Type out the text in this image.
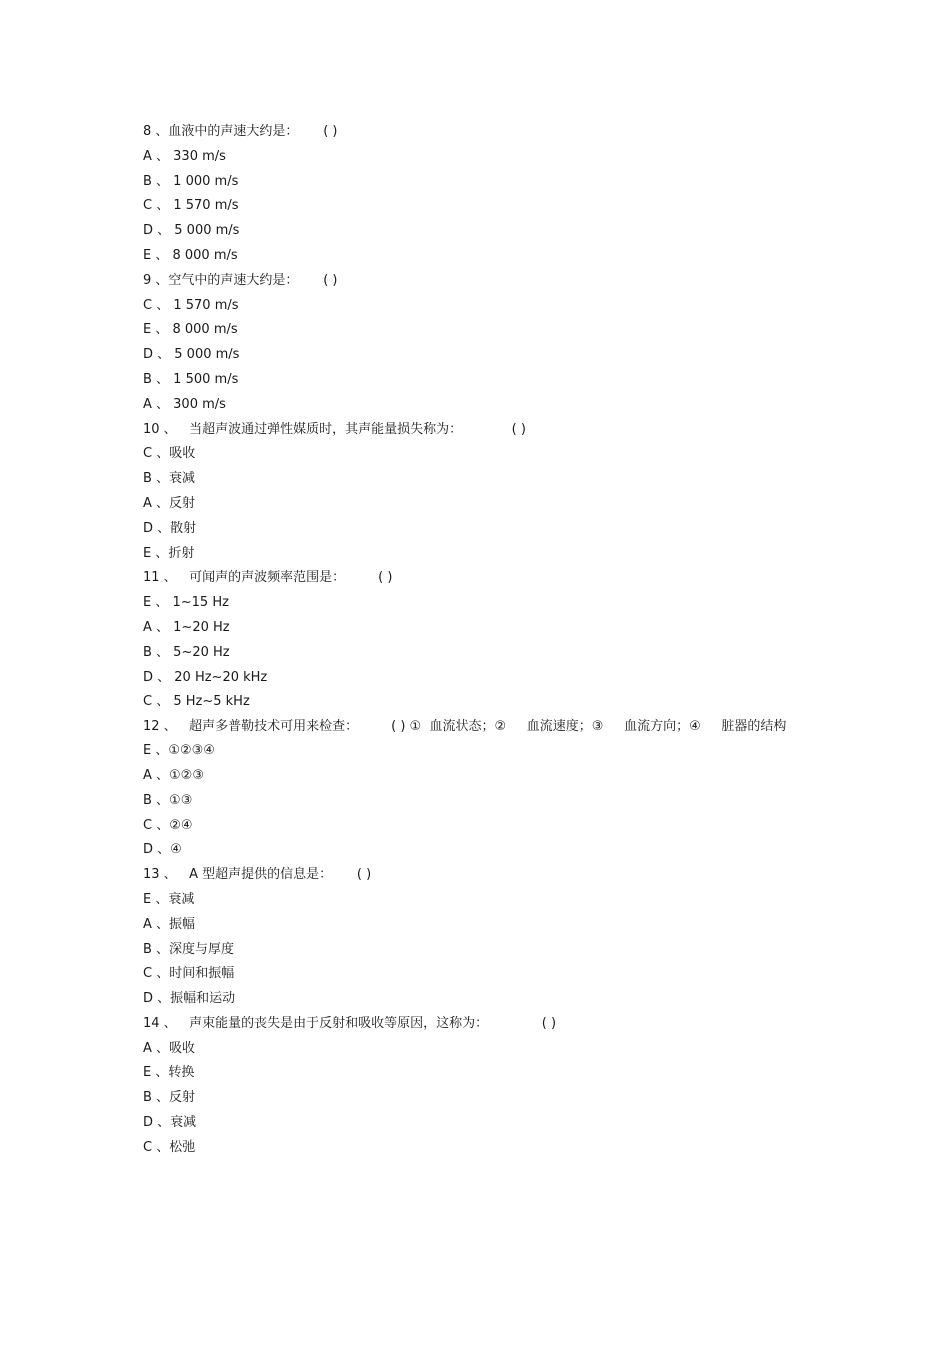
8 、血液中的声速大约是：      ( )
A 、 330 m/s
B 、 1 000 m/s
C 、 1 570 m/s
D 、 5 000 m/s
E 、 8 000 m/s
9 、空气中的声速大约是：      ( )
C 、 1 570 m/s
E 、 8 000 m/s
D 、 5 000 m/s
B 、 1 500 m/s
A 、 300 m/s
10 、   当超声波通过弹性媒质时，其声能量损失称为：            ( )
C 、吸收
B 、衰减
A 、反射
D 、散射
E 、折射
11 、   可闻声的声波频率范围是：        ( )
E 、 1~15 Hz
A 、 1~20 Hz
B 、 5~20 Hz
D 、 20 Hz~20 kHz
C 、 5 Hz~5 kHz
12 、   超声多普勒技术可用来检查：        ( ) ①  血流状态；②     血流速度；③     血流方向；④     脏器的结构
E 、①②③④
A 、①②③
B 、①③
C 、②④
D 、④
13 、   A 型超声提供的信息是：      ( )
E 、衰减
A 、振幅
B 、深度与厚度
C 、时间和振幅
D 、振幅和运动
14 、   声束能量的丧失是由于反射和吸收等原因，这称为：             ( )
A 、吸收
E 、转换
B 、反射
D 、衰减
C 、松弛
